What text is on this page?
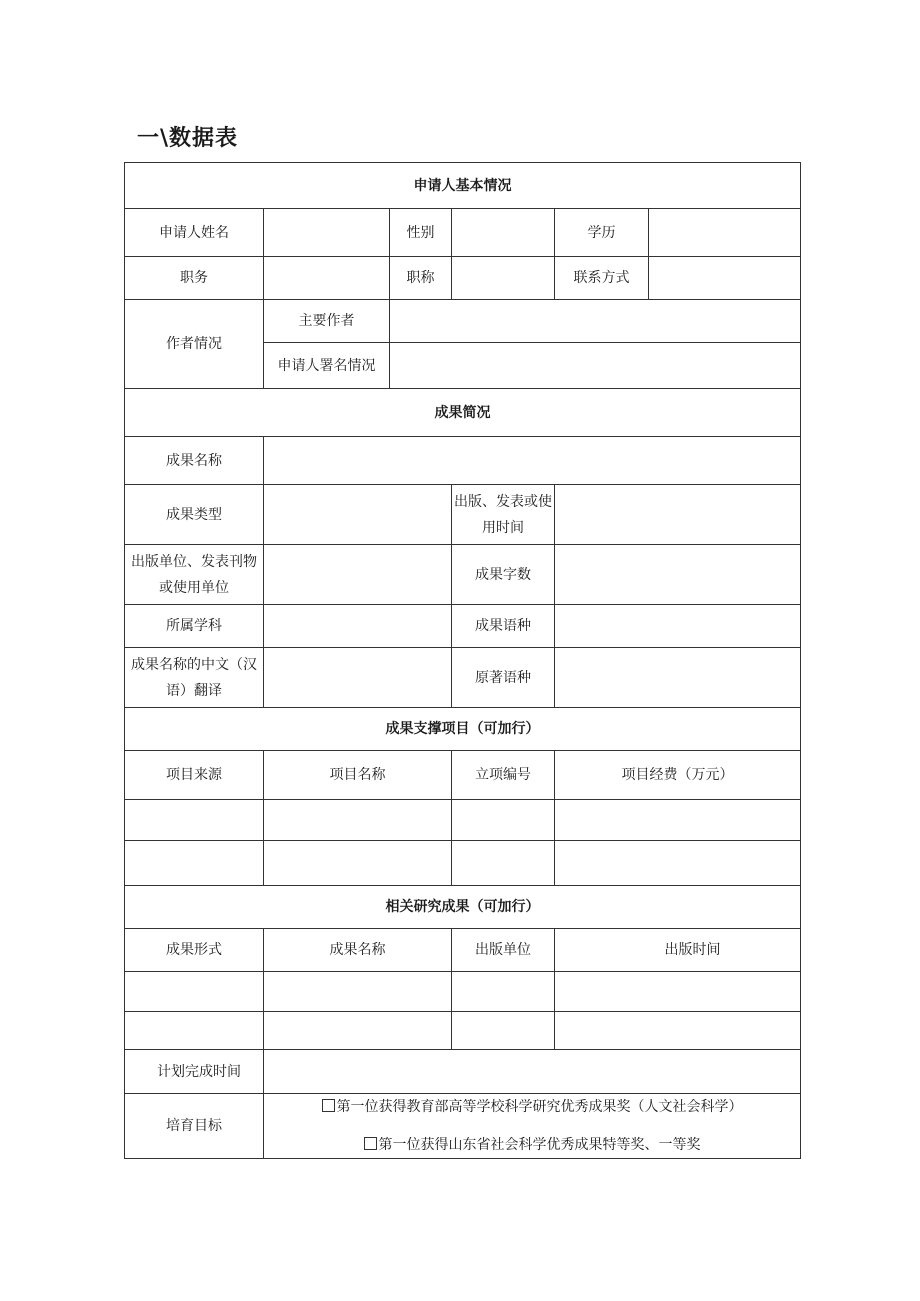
一\数据表
申请人基本情况					
申请人姓名		性别		学历	
职务		职称		联系方式	
作者情况	主要作者				
	申请人署名情况				
成果简况					
成果名称					
成果类型			出版、发表或使用时间		
出版单位、发表刊物或使用单位			成果字数		
所属学科			成果语种		
成果名称的中文（汉语）翻译			原著语种		
成果支撑项目（可加行）					
项目来源	项目名称		立项编号	项目经费（万元）	

相关研究成果（可加行）					
成果形式	成果名称		出版单位	出版时间	

计划完成时间					
培育目标	第一位获得教育部高等学校科学研究优秀成果奖（人文社会科学）
第一位获得山东省社会科学优秀成果特等奖、一等奖				
